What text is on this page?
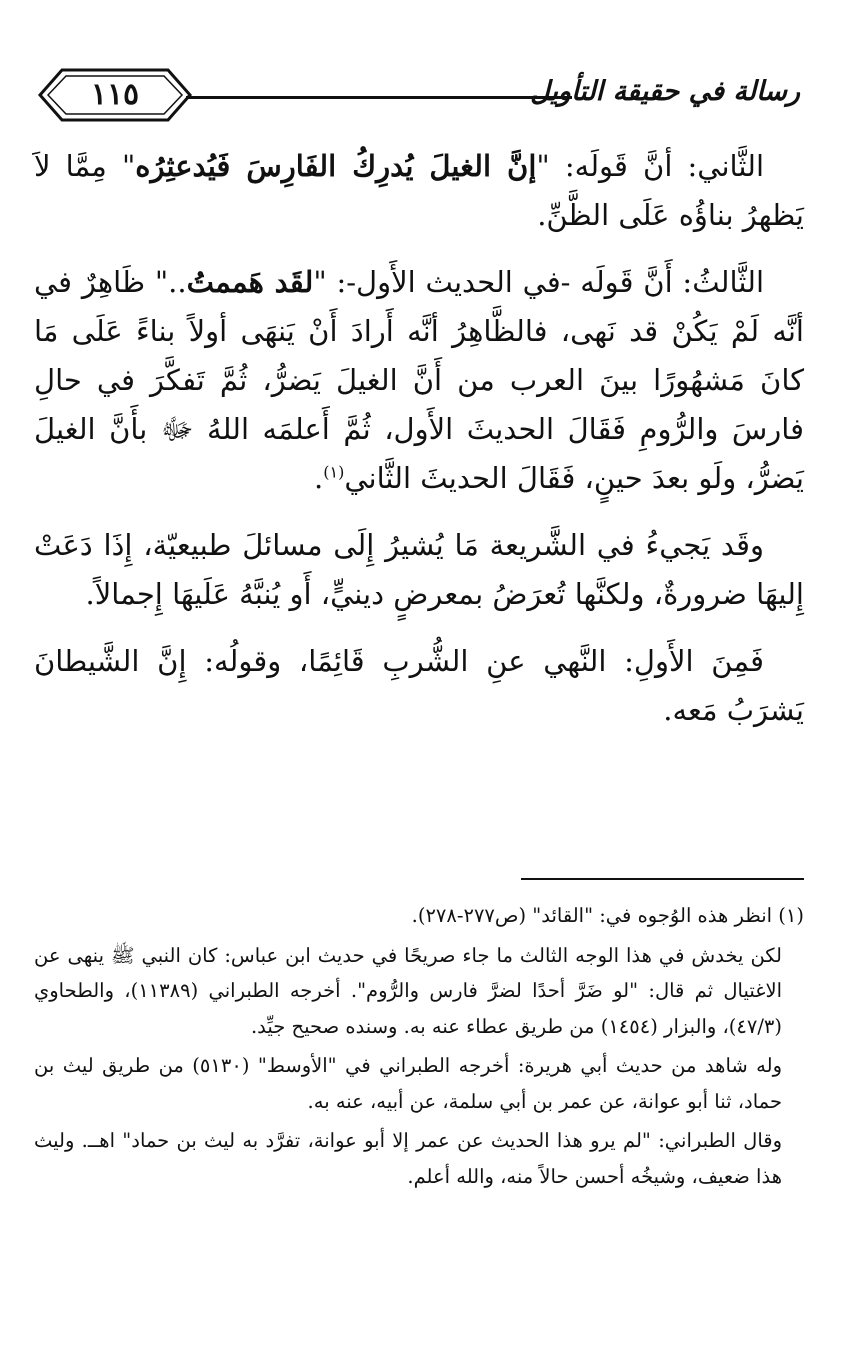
رسالة في حقيقة التأويل
١١٥

الثَّاني: أنَّ قَولَه: "إنَّ الغيلَ يُدرِكُ الفَارِسَ فَيُدعثِرُه" مِمَّا لاَ يَظهرُ بناؤُه عَلَى الظَّنِّ.

الثَّالثُ: أَنَّ قَولَه -في الحديث الأَول-: "لقَد هَممتُ.." ظَاهِرٌ في أنَّه لَمْ يَكُنْ قد نَهى، فالظَّاهِرُ أنَّه أَرادَ أَنْ يَنهَى أولاً بناءً عَلَى مَا كانَ مَشهُورًا بينَ العرب من أَنَّ الغيلَ يَضرُّ، ثُمَّ تَفكَّرَ في حالِ فارسَ والرُّومِ فَقَالَ الحديثَ الأَول، ثُمَّ أَعلمَه اللهُ ﷻ بأَنَّ الغيلَ يَضرُّ، ولَو بعدَ حينٍ، فَقَالَ الحديثَ الثَّاني$^{(١)}$.

وقَد يَجيءُ في الشَّريعة مَا يُشيرُ إِلَى مسائلَ طبيعيّة، إِذَا دَعَتْ إِليهَا ضرورةٌ، ولكنَّها تُعرَضُ بمعرضٍ دينيٍّ، أَو يُنبَّهُ عَلَيهَا إِجمالاً.

فَمِنَ الأَولِ: النَّهي عنِ الشُّربِ قَائِمًا، وقولُه: إِنَّ الشَّيطانَ يَشرَبُ مَعه.

(١) انظر هذه الوُجوه في: "القائد" (ص٢٧٧-٢٧٨).

لكن يخدش في هذا الوجه الثالث ما جاء صريحًا في حديث ابن عباس: كان النبي ﷺ ينهى عن الاغتيال ثم قال: "لو ضَرَّ أحدًا لضرَّ فارس والرُّوم". أخرجه الطبراني (١١٣٨٩)، والطحاوي (٤٧/٣)، والبزار (١٤٥٤) من طريق عطاء عنه به. وسنده صحيح جيِّد.

وله شاهد من حديث أبي هريرة: أخرجه الطبراني في "الأوسط" (٥١٣٠) من طريق ليث بن حماد، ثنا أبو عوانة، عن عمر بن أبي سلمة، عن أبيه، عنه به.

وقال الطبراني: "لم يرو هذا الحديث عن عمر إلا أبو عوانة، تفرَّد به ليث بن حماد" اهــ. وليث هذا ضعيف، وشيخُه أحسن حالاً منه، والله أعلم.
